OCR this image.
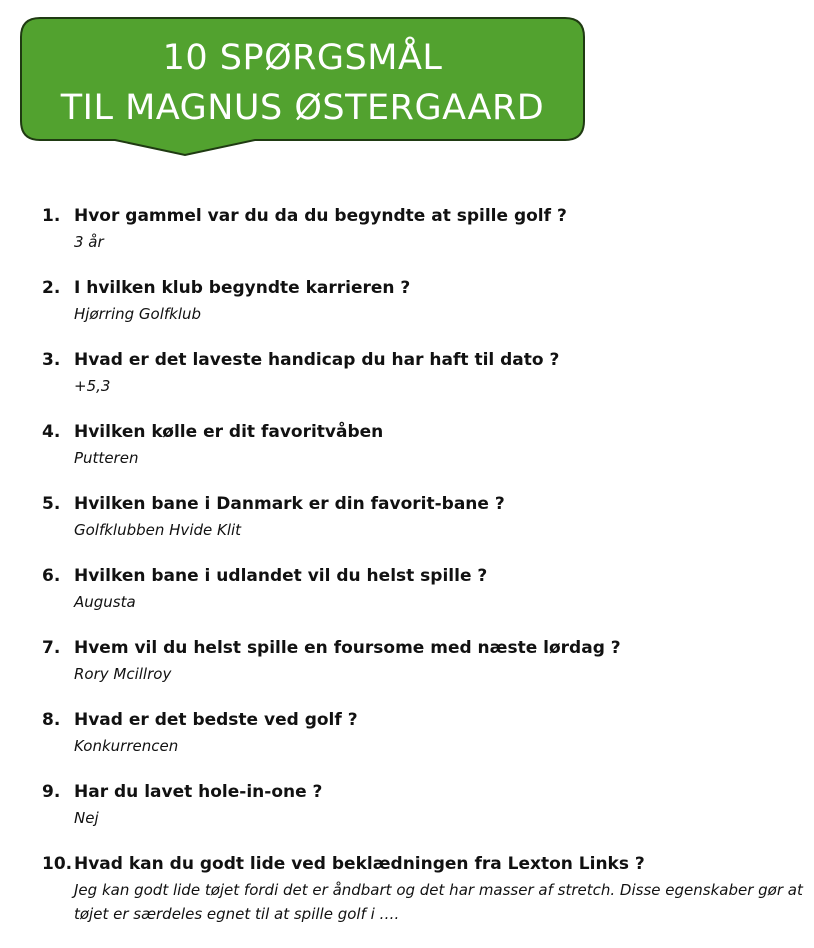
10 SPØRGSMÅL
TIL MAGNUS ØSTERGAARD
1. Hvor gammel var du da du begyndte at spille golf ?
3 år
2. I hvilken klub begyndte karrieren ?
Hjørring Golfklub
3. Hvad er det laveste handicap du har haft til dato ?
+5,3
4. Hvilken kølle er dit favoritvåben
Putteren
5. Hvilken bane i Danmark er din favorit-bane ?
Golfklubben Hvide Klit
6. Hvilken bane i udlandet vil du helst spille ?
Augusta
7. Hvem vil du helst spille en foursome med næste lørdag ?
Rory Mcillroy
8. Hvad er det bedste ved golf ?
Konkurrencen
9. Har du lavet hole-in-one ?
Nej
10. Hvad kan du godt lide ved beklædningen fra Lexton Links ?
Jeg kan godt lide tøjet fordi det er åndbart og det har masser af stretch. Disse egenskaber gør at tøjet er særdeles egnet til at spille golf i ….
